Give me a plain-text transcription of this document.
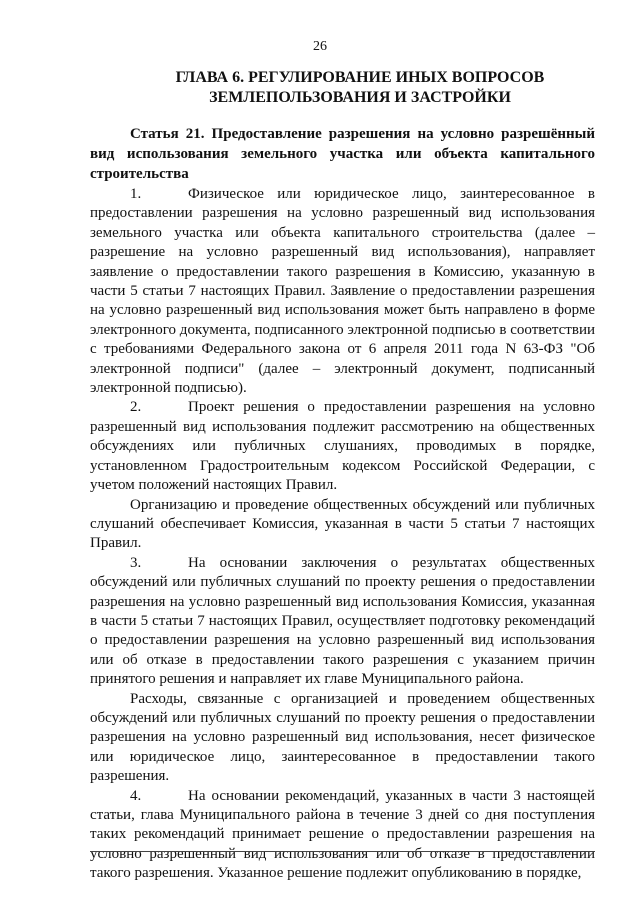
26
ГЛАВА 6. РЕГУЛИРОВАНИЕ ИНЫХ ВОПРОСОВ
ЗЕМЛЕПОЛЬЗОВАНИЯ И ЗАСТРОЙКИ
Статья 21. Предоставление разрешения на условно разрешённый вид использования земельного участка или объекта капитального строительства

1.	Физическое или юридическое лицо, заинтересованное в предоставлении разрешения на условно разрешенный вид использования земельного участка или объекта капитального строительства (далее – разрешение на условно разрешенный вид использования), направляет заявление о предоставлении такого разрешения в Комиссию, указанную в части 5 статьи 7 настоящих Правил. Заявление о предоставлении разрешения на условно разрешенный вид использования может быть направлено в форме электронного документа, подписанного электронной подписью в соответствии с требованиями Федерального закона от 6 апреля 2011 года N 63-ФЗ "Об электронной подписи" (далее – электронный документ, подписанный электронной подписью).

2.	Проект решения о предоставлении разрешения на условно разрешенный вид использования подлежит рассмотрению на общественных обсуждениях или публичных слушаниях, проводимых в порядке, установленном Градостроительным кодексом Российской Федерации, с учетом положений настоящих Правил.

Организацию и проведение общественных обсуждений или публичных слушаний обеспечивает Комиссия, указанная в части 5 статьи 7 настоящих Правил.

3.	На основании заключения о результатах общественных обсуждений или публичных слушаний по проекту решения о предоставлении разрешения на условно разрешенный вид использования Комиссия, указанная в части 5 статьи 7 настоящих Правил, осуществляет подготовку рекомендаций о предоставлении разрешения на условно разрешенный вид использования или об отказе в предоставлении такого разрешения с указанием причин принятого решения и направляет их главе Муниципального района.

Расходы, связанные с организацией и проведением общественных обсуждений или публичных слушаний по проекту решения о предоставлении разрешения на условно разрешенный вид использования, несет физическое или юридическое лицо, заинтересованное в предоставлении такого разрешения.

4.	На основании рекомендаций, указанных в части 3 настоящей статьи, глава Муниципального района в течение 3 дней со дня поступления таких рекомендаций принимает решение о предоставлении разрешения на условно разрешенный вид использования или об отказе в предоставлении такого разрешения. Указанное решение подлежит опубликованию в порядке,
